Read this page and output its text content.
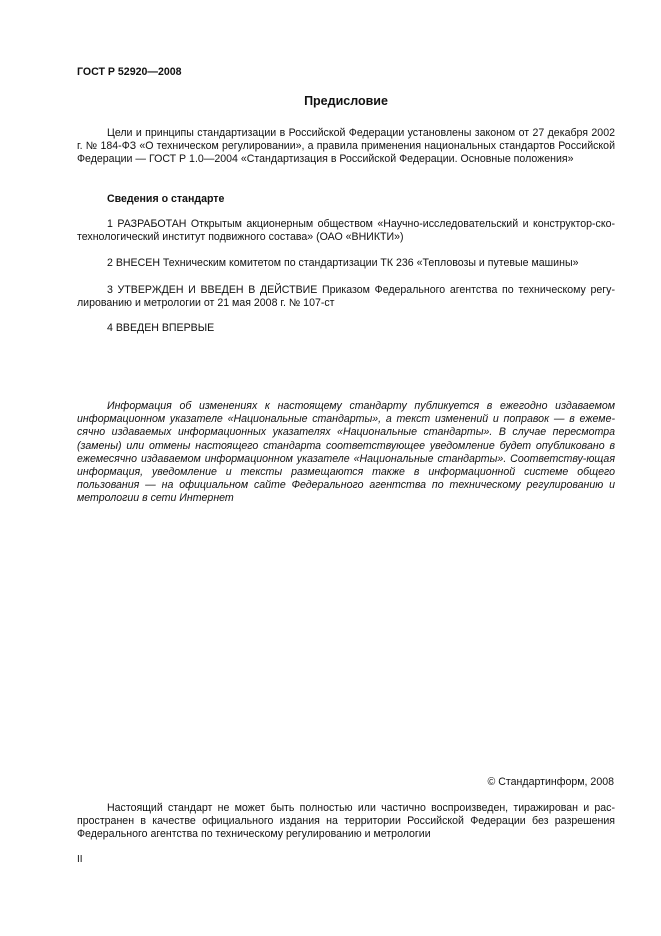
ГОСТ Р 52920—2008
Предисловие
Цели и принципы стандартизации в Российской Федерации установлены законом от 27 декабря 2002 г. № 184-ФЗ «О техническом регулировании», а правила применения национальных стандартов Российской Федерации — ГОСТ Р 1.0—2004 «Стандартизация в Российской Федерации. Основные положения»
Сведения о стандарте
1 РАЗРАБОТАН Открытым акционерным обществом «Научно-исследовательский и конструктор-ско-технологический институт подвижного состава» (ОАО «ВНИКТИ»)
2 ВНЕСЕН Техническим комитетом по стандартизации ТК 236 «Тепловозы и путевые машины»
3 УТВЕРЖДЕН И ВВЕДЕН В ДЕЙСТВИЕ Приказом Федерального агентства по техническому регу-лированию и метрологии от 21 мая 2008 г. № 107-ст
4 ВВЕДЕН ВПЕРВЫЕ
Информация об изменениях к настоящему стандарту публикуется в ежегодно издаваемом информационном указателе «Национальные стандарты», а текст изменений и поправок — в ежеме-сячно издаваемых информационных указателях «Национальные стандарты». В случае пересмотра (замены) или отмены настоящего стандарта соответствующее уведомление будет опубликовано в ежемесячно издаваемом информационном указателе «Национальные стандарты». Соответству-ющая информация, уведомление и тексты размещаются также в информационной системе общего пользования — на официальном сайте Федерального агентства по техническому регулированию и метрологии в сети Интернет
© Стандартинформ, 2008
Настоящий стандарт не может быть полностью или частично воспроизведен, тиражирован и рас-пространен в качестве официального издания на территории Российской Федерации без разрешения Федерального агентства по техническому регулированию и метрологии
II
